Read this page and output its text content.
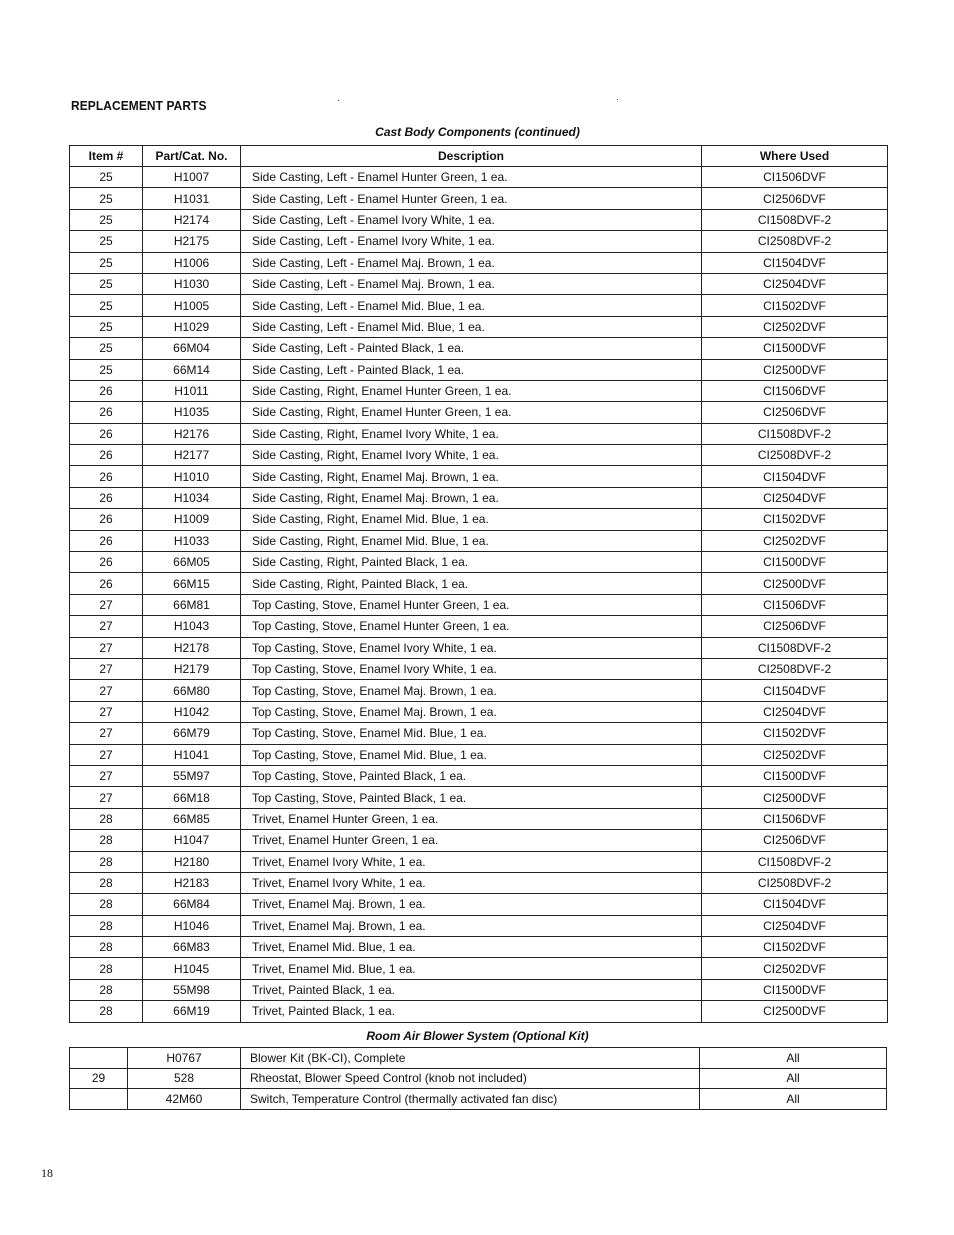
REPLACEMENT PARTS
Cast Body Components (continued)
Item #	Part/Cat. No.	Description	Where Used
25	H1007	Side Casting, Left - Enamel Hunter Green, 1 ea.	CI1506DVF
25	H1031	Side Casting, Left - Enamel Hunter Green, 1 ea.	CI2506DVF
25	H2174	Side Casting, Left - Enamel Ivory White, 1 ea.	CI1508DVF-2
25	H2175	Side Casting, Left - Enamel Ivory White, 1 ea.	CI2508DVF-2
25	H1006	Side Casting, Left - Enamel Maj. Brown, 1 ea.	CI1504DVF
25	H1030	Side Casting, Left - Enamel Maj. Brown, 1 ea.	CI2504DVF
25	H1005	Side Casting, Left - Enamel Mid. Blue, 1 ea.	CI1502DVF
25	H1029	Side Casting, Left - Enamel Mid. Blue, 1 ea.	CI2502DVF
25	66M04	Side Casting, Left - Painted Black, 1 ea.	CI1500DVF
25	66M14	Side Casting, Left - Painted Black, 1 ea.	CI2500DVF
26	H1011	Side Casting, Right, Enamel Hunter Green, 1 ea.	CI1506DVF
26	H1035	Side Casting, Right, Enamel Hunter Green, 1 ea.	CI2506DVF
26	H2176	Side Casting, Right, Enamel Ivory White, 1 ea.	CI1508DVF-2
26	H2177	Side Casting, Right, Enamel Ivory White, 1 ea.	CI2508DVF-2
26	H1010	Side Casting, Right, Enamel Maj. Brown, 1 ea.	CI1504DVF
26	H1034	Side Casting, Right, Enamel Maj. Brown, 1 ea.	CI2504DVF
26	H1009	Side Casting, Right, Enamel Mid. Blue, 1 ea.	CI1502DVF
26	H1033	Side Casting, Right, Enamel Mid. Blue, 1 ea.	CI2502DVF
26	66M05	Side Casting, Right, Painted Black, 1 ea.	CI1500DVF
26	66M15	Side Casting, Right, Painted Black, 1 ea.	CI2500DVF
27	66M81	Top Casting, Stove, Enamel Hunter Green, 1 ea.	CI1506DVF
27	H1043	Top Casting, Stove, Enamel Hunter Green, 1 ea.	CI2506DVF
27	H2178	Top Casting, Stove, Enamel Ivory White, 1 ea.	CI1508DVF-2
27	H2179	Top Casting, Stove, Enamel Ivory White, 1 ea.	CI2508DVF-2
27	66M80	Top Casting, Stove, Enamel Maj. Brown, 1 ea.	CI1504DVF
27	H1042	Top Casting, Stove, Enamel Maj. Brown, 1 ea.	CI2504DVF
27	66M79	Top Casting, Stove, Enamel Mid. Blue, 1 ea.	CI1502DVF
27	H1041	Top Casting, Stove, Enamel Mid. Blue, 1 ea.	CI2502DVF
27	55M97	Top Casting, Stove, Painted Black, 1 ea.	CI1500DVF
27	66M18	Top Casting, Stove, Painted Black, 1 ea.	CI2500DVF
28	66M85	Trivet, Enamel Hunter Green, 1 ea.	CI1506DVF
28	H1047	Trivet, Enamel Hunter Green, 1 ea.	CI2506DVF
28	H2180	Trivet, Enamel Ivory White, 1 ea.	CI1508DVF-2
28	H2183	Trivet, Enamel Ivory White, 1 ea.	CI2508DVF-2
28	66M84	Trivet, Enamel Maj. Brown, 1 ea.	CI1504DVF
28	H1046	Trivet, Enamel Maj. Brown, 1 ea.	CI2504DVF
28	66M83	Trivet, Enamel Mid. Blue, 1 ea.	CI1502DVF
28	H1045	Trivet, Enamel Mid. Blue, 1 ea.	CI2502DVF
28	55M98	Trivet, Painted Black, 1 ea.	CI1500DVF
28	66M19	Trivet, Painted Black, 1 ea.	CI2500DVF
Room Air Blower System (Optional Kit)
	H0767	Blower Kit (BK-CI), Complete	All
29	528	Rheostat, Blower Speed Control (knob not included)	All
	42M60	Switch, Temperature Control (thermally activated fan disc)	All
18
